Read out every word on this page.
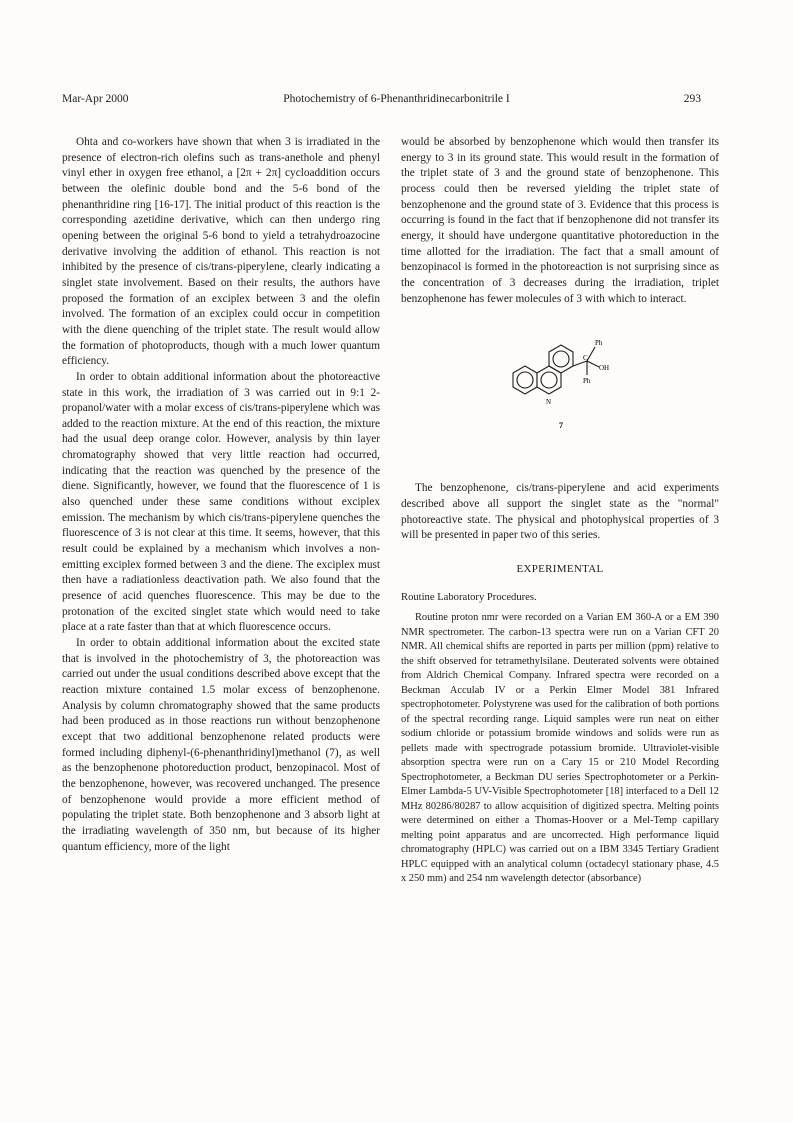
Mar-Apr 2000	Photochemistry of 6-Phenanthridinecarbonitrile I	293

Ohta and co-workers have shown that when 3 is irradiated in the presence of electron-rich olefins such as trans-anethole and phenyl vinyl ether in oxygen free ethanol, a [2π + 2π] cycloaddition occurs between the olefinic double bond and the 5-6 bond of the phenanthridine ring [16-17]. The initial product of this reaction is the corresponding azetidine derivative, which can then undergo ring opening between the original 5-6 bond to yield a tetrahydroazocine derivative involving the addition of ethanol. This reaction is not inhibited by the presence of cis/trans-piperylene, clearly indicating a singlet state involvement. Based on their results, the authors have proposed the formation of an exciplex between 3 and the olefin involved. The formation of an exciplex could occur in competition with the diene quenching of the triplet state. The result would allow the formation of photoproducts, though with a much lower quantum efficiency.

In order to obtain additional information about the photoreactive state in this work, the irradiation of 3 was carried out in 9:1 2-propanol/water with a molar excess of cis/trans-piperylene which was added to the reaction mixture. At the end of this reaction, the mixture had the usual deep orange color. However, analysis by thin layer chromatography showed that very little reaction had occurred, indicating that the reaction was quenched by the presence of the diene. Significantly, however, we found that the fluorescence of 1 is also quenched under these same conditions without exciplex emission. The mechanism by which cis/trans-piperylene quenches the fluorescence of 3 is not clear at this time. It seems, however, that this result could be explained by a mechanism which involves a non-emitting exciplex formed between 3 and the diene. The exciplex must then have a radiationless deactivation path. We also found that the presence of acid quenches fluorescence. This may be due to the protonation of the excited singlet state which would need to take place at a rate faster than that at which fluorescence occurs.

In order to obtain additional information about the excited state that is involved in the photochemistry of 3, the photoreaction was carried out under the usual conditions described above except that the reaction mixture contained 1.5 molar excess of benzophenone. Analysis by column chromatography showed that the same products had been produced as in those reactions run without benzophenone except that two additional benzophenone related products were formed including diphenyl-(6-phenanthridinyl)methanol (7), as well as the benzophenone photoreduction product, benzopinacol. Most of the benzophenone, however, was recovered unchanged. The presence of benzophenone would provide a more efficient method of populating the triplet state. Both benzophenone and 3 absorb light at the irradiating wavelength of 350 nm, but because of its higher quantum efficiency, more of the light

would be absorbed by benzophenone which would then transfer its energy to 3 in its ground state. This would result in the formation of the triplet state of 3 and the ground state of benzophenone. This process could then be reversed yielding the triplet state of benzophenone and the ground state of 3. Evidence that this process is occurring is found in the fact that if benzophenone did not transfer its energy, it should have undergone quantitative photoreduction in the time allotted for the irradiation. The fact that a small amount of benzopinacol is formed in the photoreaction is not surprising since as the concentration of 3 decreases during the irradiation, triplet benzophenone has fewer molecules of 3 with which to interact.

Ph
C
OH
Ph
N
7

The benzophenone, cis/trans-piperylene and acid experiments described above all support the singlet state as the "normal" photoreactive state. The physical and photophysical properties of 3 will be presented in paper two of this series.

EXPERIMENTAL
Routine Laboratory Procedures.

Routine proton nmr were recorded on a Varian EM 360-A or a EM 390 NMR spectrometer. The carbon-13 spectra were run on a Varian CFT 20 NMR. All chemical shifts are reported in parts per million (ppm) relative to the shift observed for tetramethylsilane. Deuterated solvents were obtained from Aldrich Chemical Company. Infrared spectra were recorded on a Beckman Acculab IV or a Perkin Elmer Model 381 Infrared spectrophotometer. Polystyrene was used for the calibration of both portions of the spectral recording range. Liquid samples were run neat on either sodium chloride or potassium bromide windows and solids were run as pellets made with spectrograde potassium bromide. Ultraviolet-visible absorption spectra were run on a Cary 15 or 210 Model Recording Spectrophotometer, a Beckman DU series Spectrophotometer or a Perkin-Elmer Lambda-5 UV-Visible Spectrophotometer [18] interfaced to a Dell 12 MHz 80286/80287 to allow acquisition of digitized spectra. Melting points were determined on either a Thomas-Hoover or a Mel-Temp capillary melting point apparatus and are uncorrected. High performance liquid chromatography (HPLC) was carried out on a IBM 3345 Tertiary Gradient HPLC equipped with an analytical column (octadecyl stationary phase, 4.5 x 250 mm) and 254 nm wavelength detector (absorbance)
